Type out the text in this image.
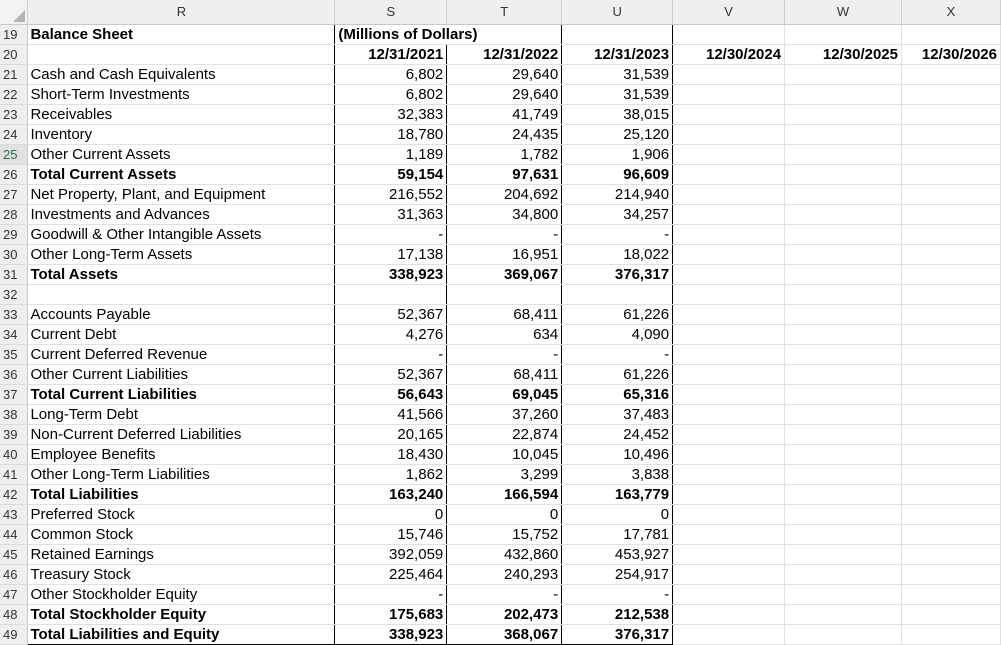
	R	S	T	U	V	W	X
19	Balance Sheet	(Millions of Dollars)					
20		12/31/2021	12/31/2022	12/31/2023	12/30/2024	12/30/2025	12/30/2026
21	Cash and Cash Equivalents	6,802	29,640	31,539			
22	Short-Term Investments	6,802	29,640	31,539			
23	Receivables	32,383	41,749	38,015			
24	Inventory	18,780	24,435	25,120			
25	Other Current Assets	1,189	1,782	1,906			
26	Total Current Assets	59,154	97,631	96,609			
27	Net Property, Plant, and Equipment	216,552	204,692	214,940			
28	Investments and Advances	31,363	34,800	34,257			
29	Goodwill & Other Intangible Assets	-	-	-			
30	Other Long-Term Assets	17,138	16,951	18,022			
31	Total Assets	338,923	369,067	376,317			
32							
33	Accounts Payable	52,367	68,411	61,226			
34	Current Debt	4,276	634	4,090			
35	Current Deferred Revenue	-	-	-			
36	Other Current Liabilities	52,367	68,411	61,226			
37	Total Current Liabilities	56,643	69,045	65,316			
38	Long-Term Debt	41,566	37,260	37,483			
39	Non-Current Deferred Liabilities	20,165	22,874	24,452			
40	Employee Benefits	18,430	10,045	10,496			
41	Other Long-Term Liabilities	1,862	3,299	3,838			
42	Total Liabilities	163,240	166,594	163,779			
43	Preferred Stock	0	0	0			
44	Common Stock	15,746	15,752	17,781			
45	Retained Earnings	392,059	432,860	453,927			
46	Treasury Stock	225,464	240,293	254,917			
47	Other Stockholder Equity	-	-	-			
48	Total Stockholder Equity	175,683	202,473	212,538			
49	Total Liabilities and Equity	338,923	368,067	376,317			
